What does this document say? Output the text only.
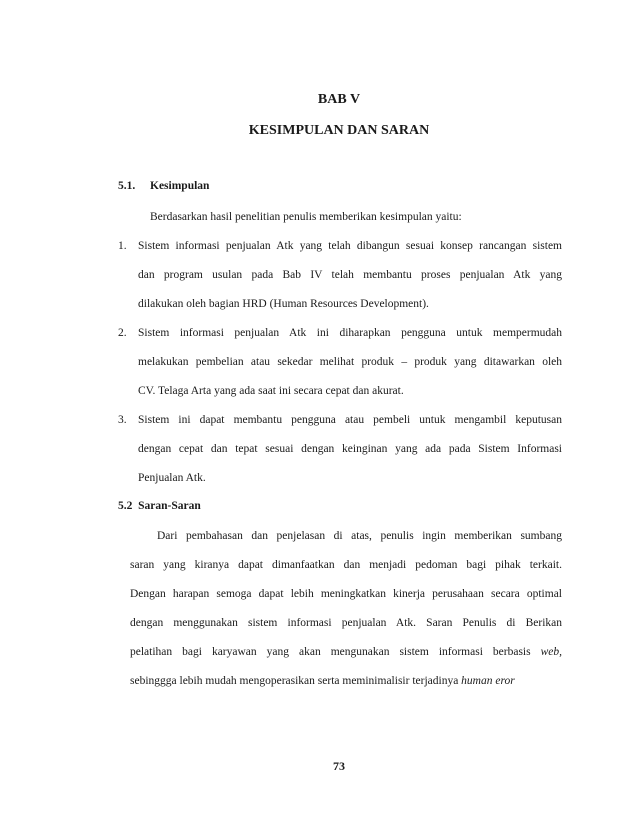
BAB V
KESIMPULAN DAN SARAN
5.1. Kesimpulan
Berdasarkan hasil penelitian penulis memberikan kesimpulan yaitu:
1. Sistem informasi penjualan Atk yang telah dibangun sesuai konsep rancangan sistem
dan program usulan pada Bab IV telah membantu proses penjualan Atk yang
dilakukan oleh bagian HRD (Human Resources Development).
2. Sistem informasi penjualan Atk ini diharapkan pengguna untuk mempermudah
melakukan pembelian atau sekedar melihat produk – produk yang ditawarkan oleh
CV. Telaga Arta yang ada saat ini secara cepat dan akurat.
3. Sistem ini dapat membantu pengguna atau pembeli untuk mengambil keputusan
dengan cepat dan tepat sesuai dengan keinginan yang ada pada Sistem Informasi
Penjualan Atk.
5.2 Saran-Saran
Dari pembahasan dan penjelasan di atas, penulis ingin memberikan sumbang
saran yang kiranya dapat dimanfaatkan dan menjadi pedoman bagi pihak terkait.
Dengan harapan semoga dapat lebih meningkatkan kinerja perusahaan secara optimal
dengan menggunakan sistem informasi penjualan Atk. Saran Penulis di Berikan
pelatihan bagi karyawan yang akan mengunakan sistem informasi berbasis web,
sebinggga lebih mudah mengoperasikan serta meminimalisir terjadinya human eror
73
